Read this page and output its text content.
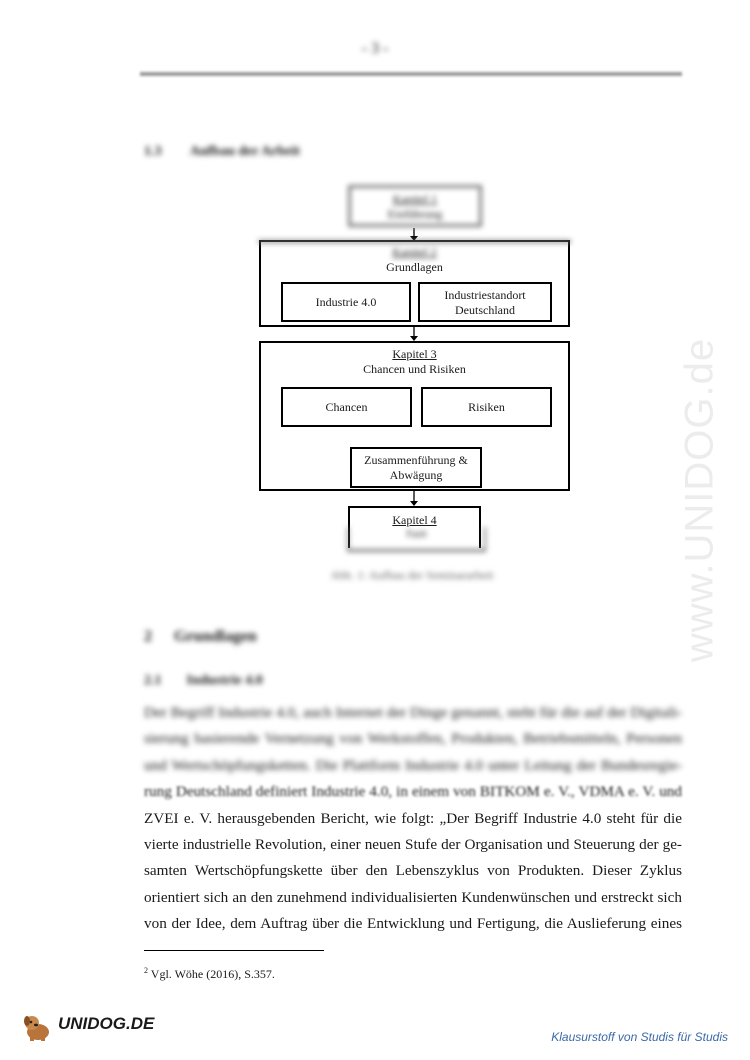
- 3 -
1.3 Aufbau der Arbeit
Kapitel 1
Einführung
Kapitel 2
Grundlagen
Industrie 4.0	Industriestandort Deutschland
Kapitel 3
Chancen und Risiken
Chancen	Risiken
Zusammenführung & Abwägung
Kapitel 4
Fazit
Abb. 1: Aufbau der Seminararbeit
2 Grundlagen
2.1 Industrie 4.0
Der Begriff Industrie 4.0, auch Internet der Dinge genannt, steht für die auf der Digitali-
sierung basierende Vernetzung von Werkstoffen, Produkten, Betriebsmitteln, Personen
und Wertschöpfungsketten. Die Plattform Industrie 4.0 unter Leitung der Bundesregie-
rung Deutschland definiert Industrie 4.0, in einem von BITKOM e. V., VDMA e. V. und
ZVEI e. V. herausgebenden Bericht, wie folgt: „Der Begriff Industrie 4.0 steht für die
vierte industrielle Revolution, einer neuen Stufe der Organisation und Steuerung der ge-
samten Wertschöpfungskette über den Lebenszyklus von Produkten. Dieser Zyklus
orientiert sich an den zunehmend individualisierten Kundenwünschen und erstreckt sich
von der Idee, dem Auftrag über die Entwicklung und Fertigung, die Auslieferung eines
$^2$ Vgl. Wöhe (2016), S.357.
www.UNIDOG.de
UNIDOG.DE
Klausurstoff von Studis für Studis
